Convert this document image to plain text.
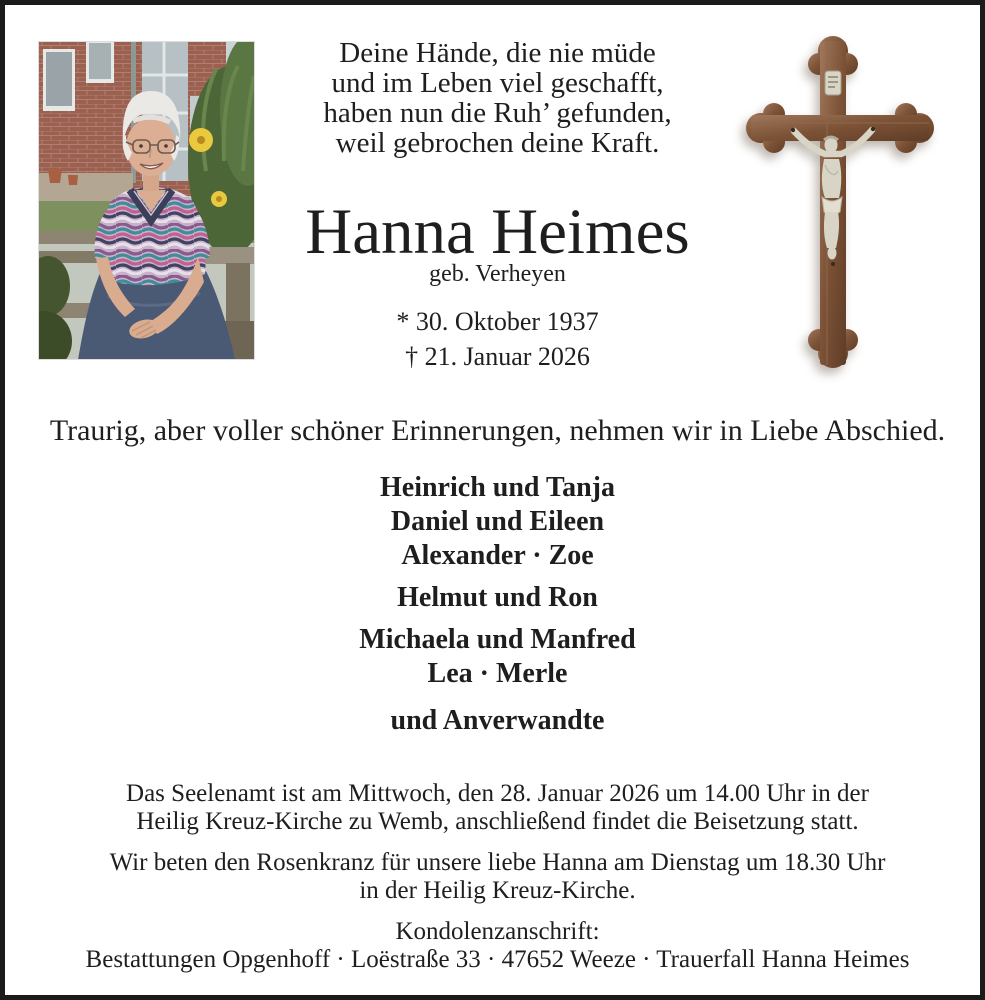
Deine Hände, die nie müde
und im Leben viel geschafft,
haben nun die Ruh’ gefunden,
weil gebrochen deine Kraft.
Hanna Heimes
geb. Verheyen
* 30. Oktober 1937
† 21. Januar 2026
Traurig, aber voller schöner Erinnerungen, nehmen wir in Liebe Abschied.
Heinrich und Tanja
Daniel und Eileen
Alexander · Zoe
Helmut und Ron
Michaela und Manfred
Lea · Merle
und Anverwandte
Das Seelenamt ist am Mittwoch, den 28. Januar 2026 um 14.00 Uhr in der
Heilig Kreuz-Kirche zu Wemb, anschließend findet die Beisetzung statt.
Wir beten den Rosenkranz für unsere liebe Hanna am Dienstag um 18.30 Uhr
in der Heilig Kreuz-Kirche.
Kondolenzanschrift:
Bestattungen Opgenhoff · Loëstraße 33 · 47652 Weeze · Trauerfall Hanna Heimes
